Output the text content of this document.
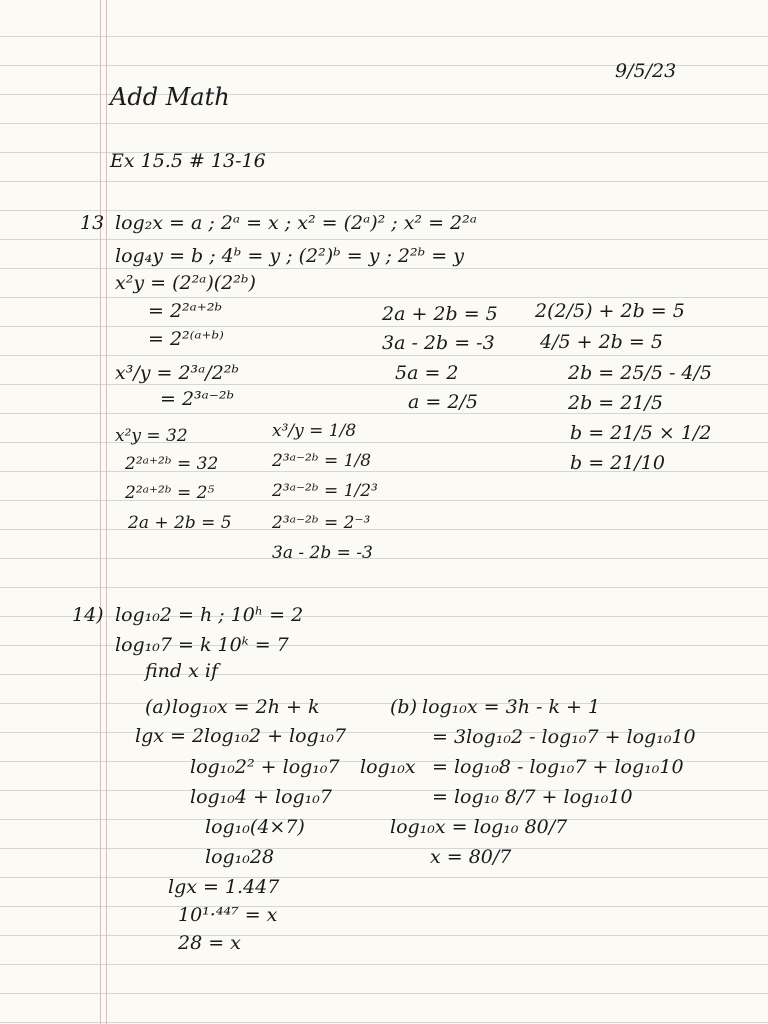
9/5/23
Add Math
Ex 15.5 # 13-16
13 log₂x = a ; 2ᵃ = x ; x² = (2ᵃ)² ; x² = 2²ᵃ
log₄y = b ; 4ᵇ = y ; (2²)ᵇ = y ; 2²ᵇ = y
x²y = (2²ᵃ)(2²ᵇ)
= 2²ᵃ⁺²ᵇ
= 2²⁽ᵃ⁺ᵇ⁾
x³/y = 2³ᵃ/2²ᵇ
= 2³ᵃ⁻²ᵇ
x²y = 32
2²ᵃ⁺²ᵇ = 32
2²ᵃ⁺²ᵇ = 2⁵
2a + 2b = 5
x³/y = 1/8
2³ᵃ⁻²ᵇ = 1/8
2³ᵃ⁻²ᵇ = 1/2³
2³ᵃ⁻²ᵇ = 2⁻³
3a - 2b = -3
2a + 2b = 5
3a - 2b = -3
5a = 2
a = 2/5
2(2/5) + 2b = 5
4/5 + 2b = 5
2b = 25/5 - 4/5
2b = 21/5
b = 21/5 × 1/2
b = 21/10
14) log₁₀2 = h ; 10ʰ = 2
log₁₀7 = k 10ᵏ = 7
find x if
(a) log₁₀x = 2h + k
lgx = 2log₁₀2 + log₁₀7
log₁₀2² + log₁₀7
log₁₀4 + log₁₀7
log₁₀(4×7)
log₁₀28
lgx = 1.447
10¹·⁴⁴⁷ = x
28 = x
(b) log₁₀x = 3h - k + 1
= 3log₁₀2 - log₁₀7 + log₁₀10
log₁₀x = log₁₀8 - log₁₀7 + log₁₀10
= log₁₀ 8/7 + log₁₀10
log₁₀x = log₁₀ 80/7
x = 80/7
